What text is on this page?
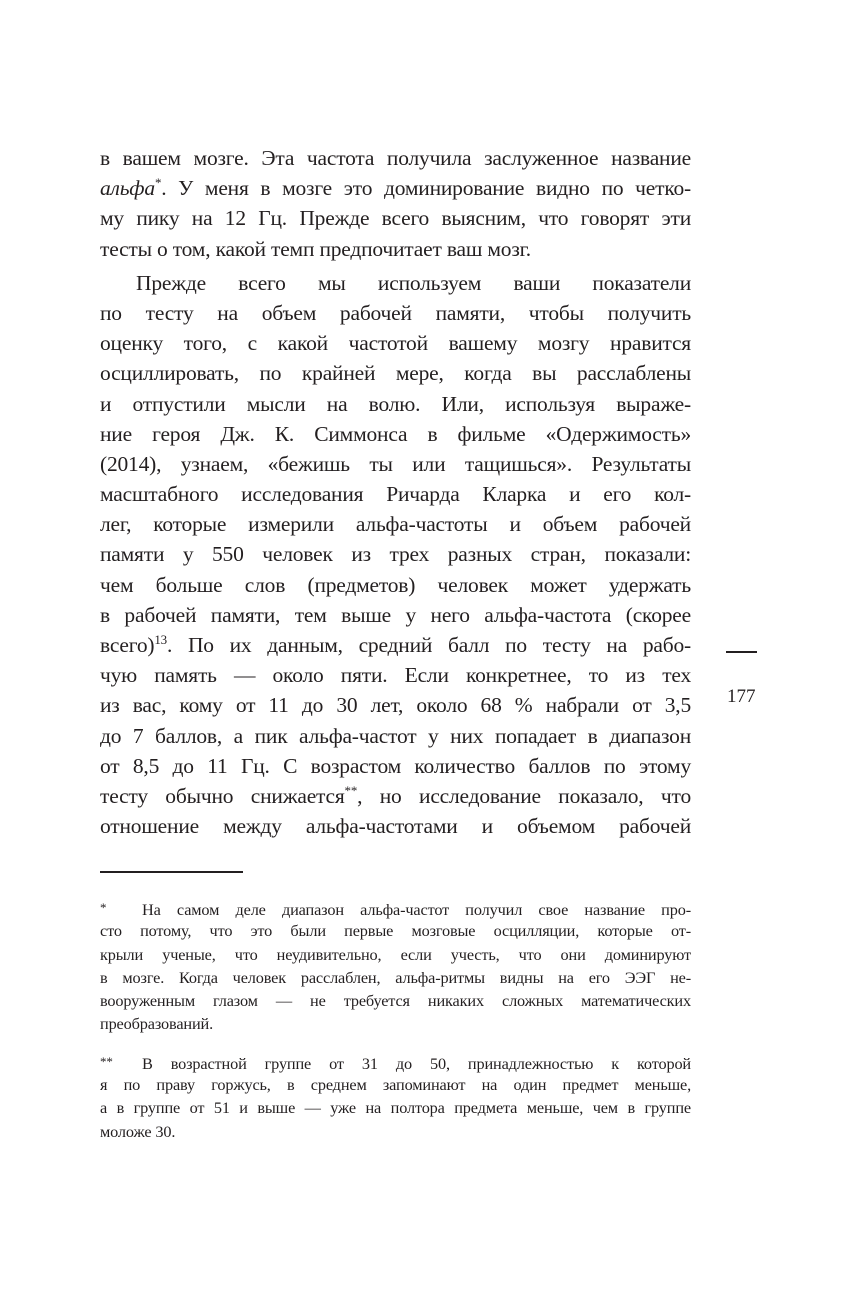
в вашем мозге. Эта частота получила заслуженное название
альфа*. У меня в мозге это доминирование видно по четко-
му пику на 12 Гц. Прежде всего выясним, что говорят эти
тесты о том, какой темп предпочитает ваш мозг.
Прежде всего мы используем ваши показатели
по тесту на объем рабочей памяти, чтобы получить
оценку того, с какой частотой вашему мозгу нравится
осциллировать, по крайней мере, когда вы расслаблены
и отпустили мысли на волю. Или, используя выраже-
ние героя Дж. К. Симмонса в фильме «Одержимость»
(2014), узнаем, «бежишь ты или тащишься». Результаты
масштабного исследования Ричарда Кларка и его кол-
лег, которые измерили альфа-частоты и объем рабочей
памяти у 550 человек из трех разных стран, показали:
чем больше слов (предметов) человек может удержать
в рабочей памяти, тем выше у него альфа-частота (скорее
всего)$^{13}$. По их данным, средний балл по тесту на рабо-
чую память — около пяти. Если конкретнее, то из тех
из вас, кому от 11 до 30 лет, около 68 % набрали от 3,5
до 7 баллов, а пик альфа-частот у них попадает в диапазон
от 8,5 до 11 Гц. С возрастом количество баллов по этому
тесту обычно снижается**, но исследование показало, что
отношение между альфа-частотами и объемом рабочей
* На самом деле диапазон альфа-частот получил свое название про-
сто потому, что это были первые мозговые осцилляции, которые от-
крыли ученые, что неудивительно, если учесть, что они доминируют
в мозге. Когда человек расслаблен, альфа-ритмы видны на его ЭЭГ не-
вооруженным глазом — не требуется никаких сложных математических
преобразований.
** В возрастной группе от 31 до 50, принадлежностью к которой
я по праву горжусь, в среднем запоминают на один предмет меньше,
а в группе от 51 и выше — уже на полтора предмета меньше, чем в группе
моложе 30.
177
